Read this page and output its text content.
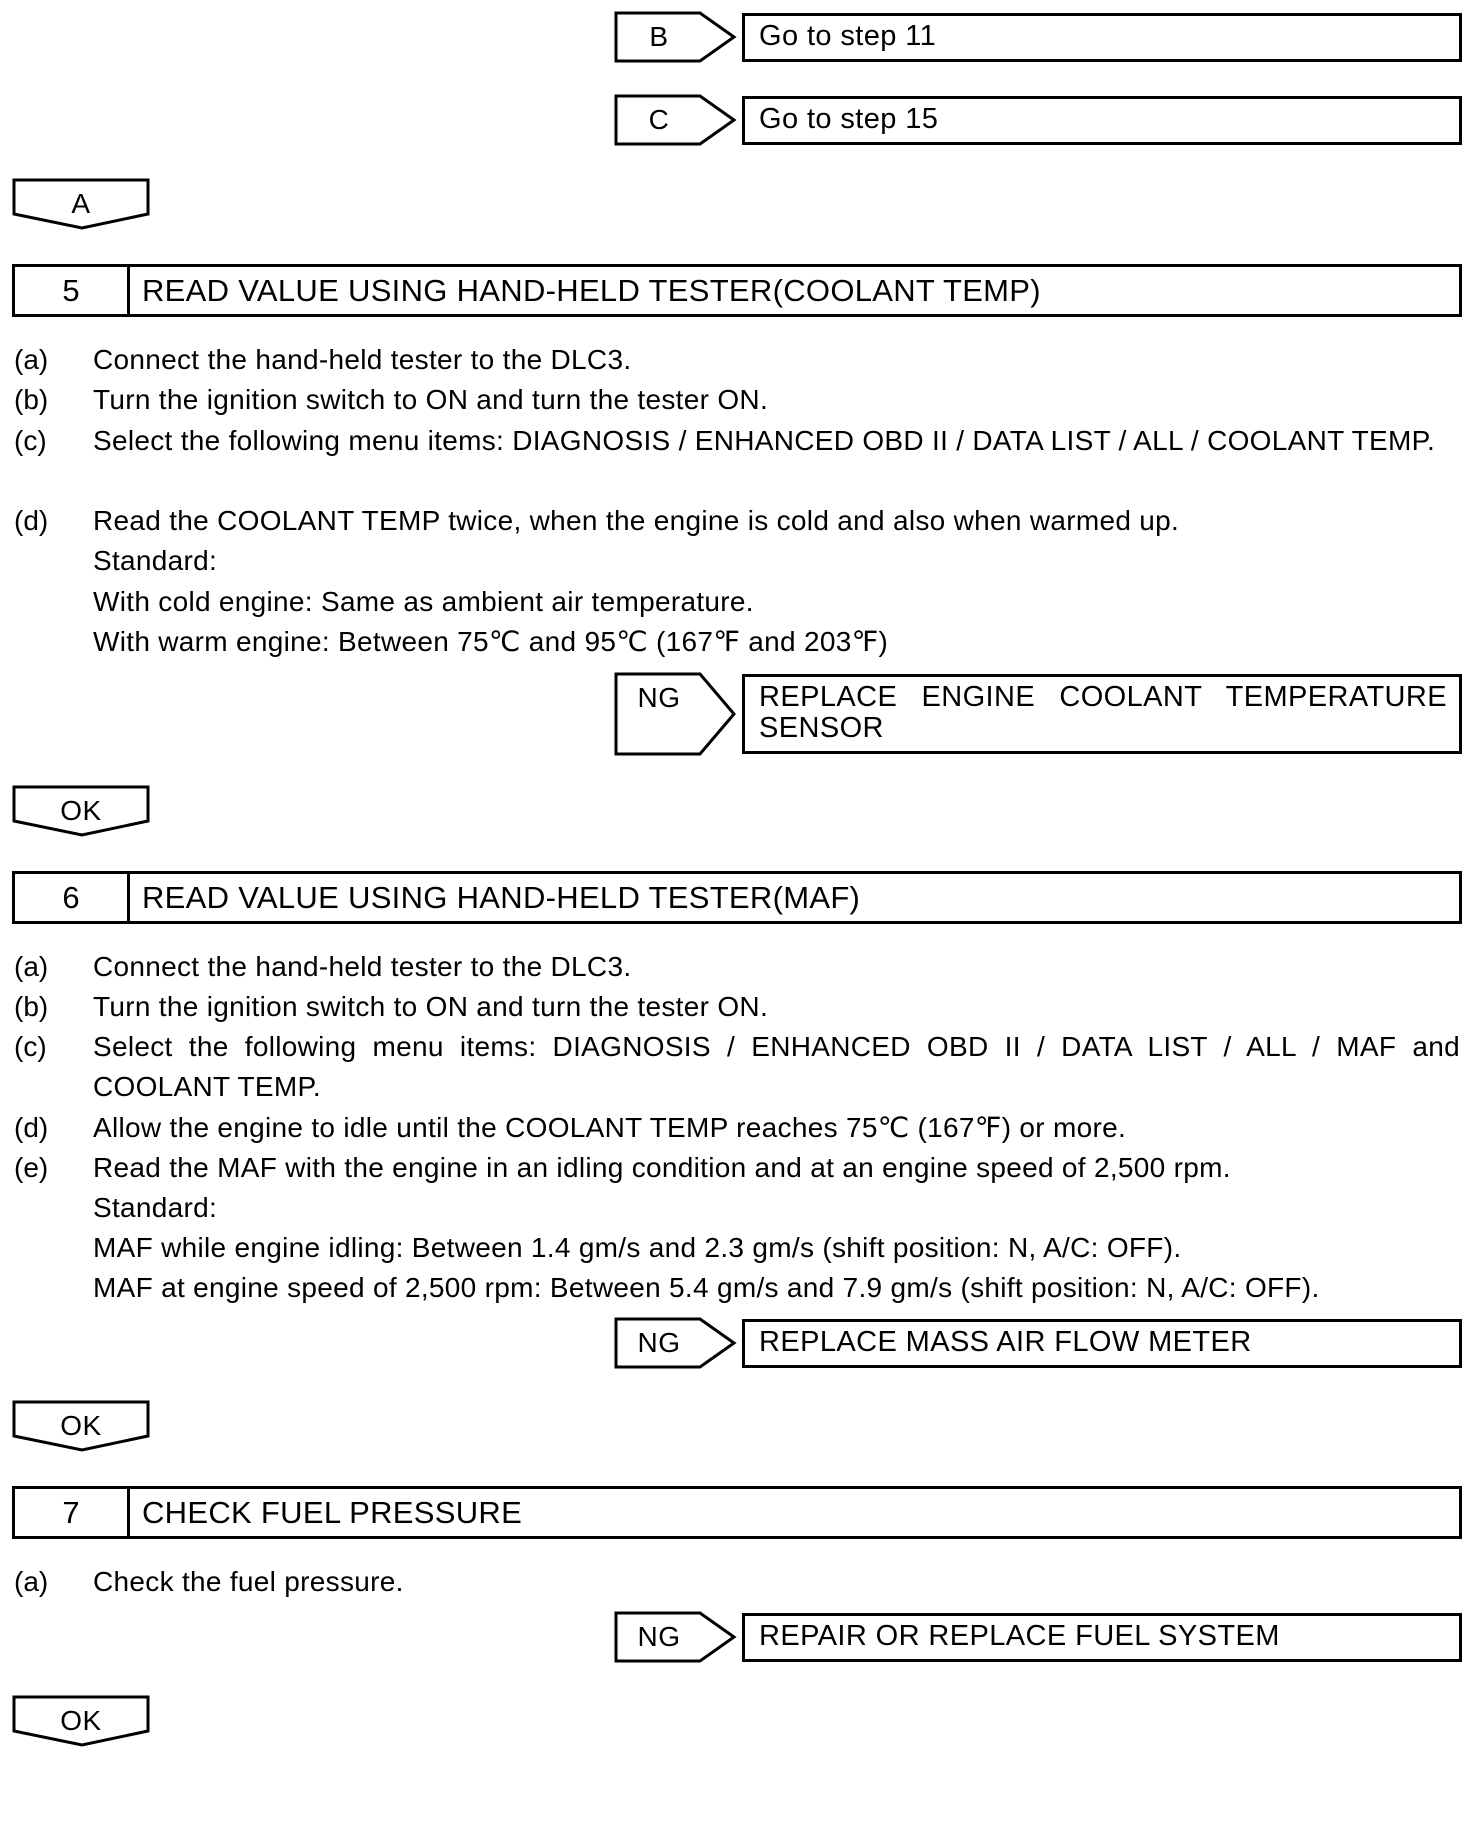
B	Go to step 11
C	Go to step 15
A
5	READ VALUE USING HAND-HELD TESTER(COOLANT TEMP)
(a) Connect the hand-held tester to the DLC3.
(b) Turn the ignition switch to ON and turn the tester ON.
(c) Select the following menu items: DIAGNOSIS / ENHANCED OBD II / DATA LIST / ALL / COOLANT TEMP.
(d) Read the COOLANT TEMP twice, when the engine is cold and also when warmed up.
Standard:
With cold engine: Same as ambient air temperature.
With warm engine: Between 75℃ and 95℃ (167℉ and 203℉)
NG	REPLACE ENGINE COOLANT TEMPERATURE SENSOR
OK
6	READ VALUE USING HAND-HELD TESTER(MAF)
(a) Connect the hand-held tester to the DLC3.
(b) Turn the ignition switch to ON and turn the tester ON.
(c) Select the following menu items: DIAGNOSIS / ENHANCED OBD II / DATA LIST / ALL / MAF and COOLANT TEMP.
(d) Allow the engine to idle until the COOLANT TEMP reaches 75℃ (167℉) or more.
(e) Read the MAF with the engine in an idling condition and at an engine speed of 2,500 rpm.
Standard:
MAF while engine idling: Between 1.4 gm/s and 2.3 gm/s (shift position: N, A/C: OFF).
MAF at engine speed of 2,500 rpm: Between 5.4 gm/s and 7.9 gm/s (shift position: N, A/C: OFF).
NG	REPLACE MASS AIR FLOW METER
OK
7	CHECK FUEL PRESSURE
(a) Check the fuel pressure.
NG	REPAIR OR REPLACE FUEL SYSTEM
OK
